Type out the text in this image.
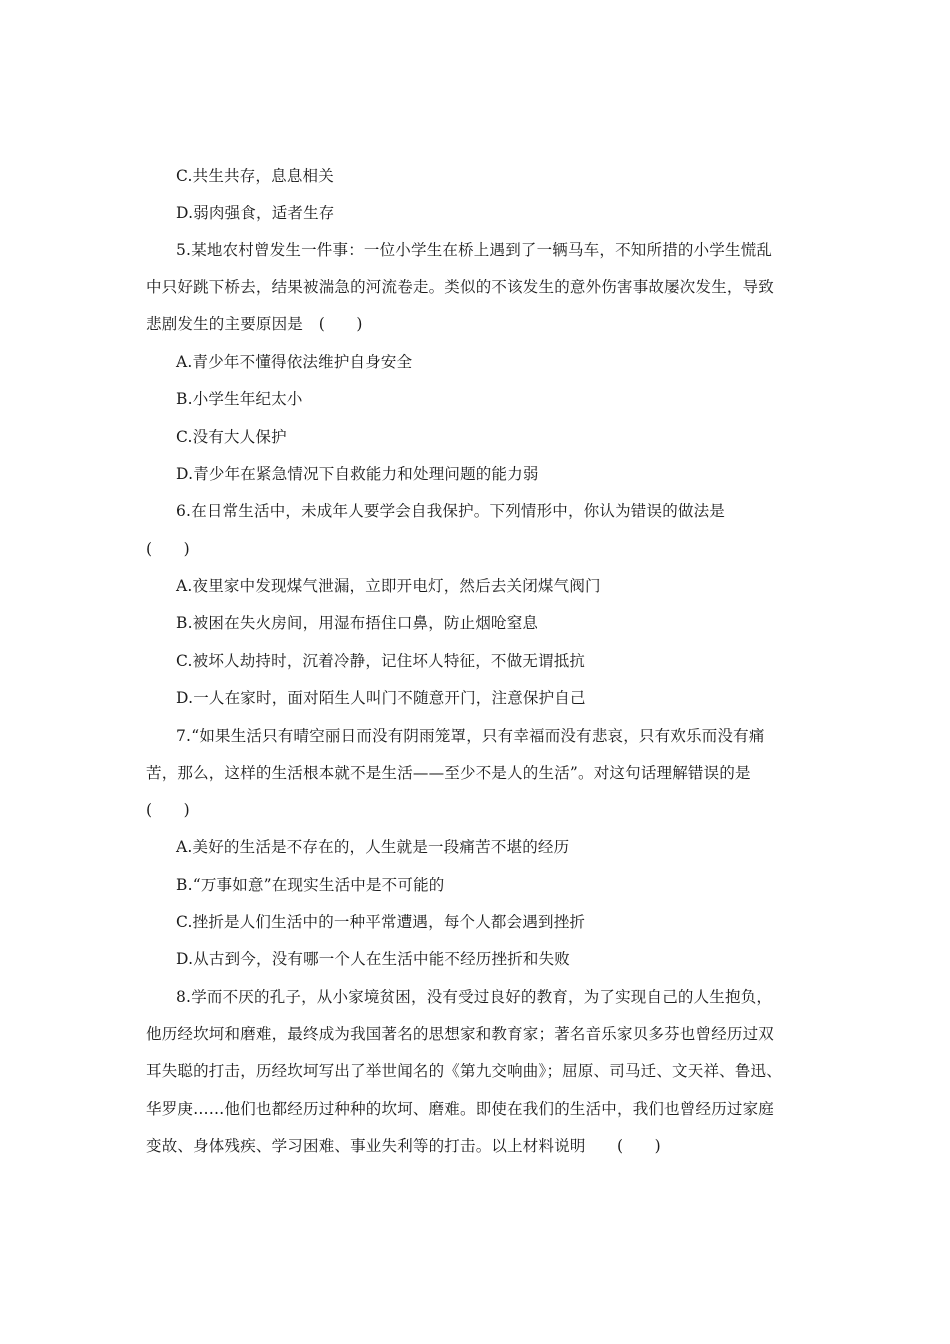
C.共生共存，息息相关
D.弱肉强食，适者生存
5.某地农村曾发生一件事：一位小学生在桥上遇到了一辆马车，不知所措的小学生慌乱
中只好跳下桥去，结果被湍急的河流卷走。类似的不该发生的意外伤害事故屡次发生，导致
悲剧发生的主要原因是　(　　)
A.青少年不懂得依法维护自身安全
B.小学生年纪太小
C.没有大人保护
D.青少年在紧急情况下自救能力和处理问题的能力弱
6.在日常生活中，未成年人要学会自我保护。下列情形中，你认为错误的做法是
(　　)
A.夜里家中发现煤气泄漏，立即开电灯，然后去关闭煤气阀门
B.被困在失火房间，用湿布捂住口鼻，防止烟呛窒息
C.被坏人劫持时，沉着冷静，记住坏人特征，不做无谓抵抗
D.一人在家时，面对陌生人叫门不随意开门，注意保护自己
7.“如果生活只有晴空丽日而没有阴雨笼罩，只有幸福而没有悲哀，只有欢乐而没有痛
苦，那么，这样的生活根本就不是生活——至少不是人的生活”。对这句话理解错误的是
(　　)
A.美好的生活是不存在的，人生就是一段痛苦不堪的经历
B.“万事如意”在现实生活中是不可能的
C.挫折是人们生活中的一种平常遭遇，每个人都会遇到挫折
D.从古到今，没有哪一个人在生活中能不经历挫折和失败
8.学而不厌的孔子，从小家境贫困，没有受过良好的教育，为了实现自己的人生抱负，
他历经坎坷和磨难，最终成为我国著名的思想家和教育家；著名音乐家贝多芬也曾经历过双
耳失聪的打击，历经坎坷写出了举世闻名的《第九交响曲》；屈原、司马迁、文天祥、鲁迅、
华罗庚……他们也都经历过种种的坎坷、磨难。即使在我们的生活中，我们也曾经历过家庭
变故、身体残疾、学习困难、事业失利等的打击。以上材料说明　　(　　)
